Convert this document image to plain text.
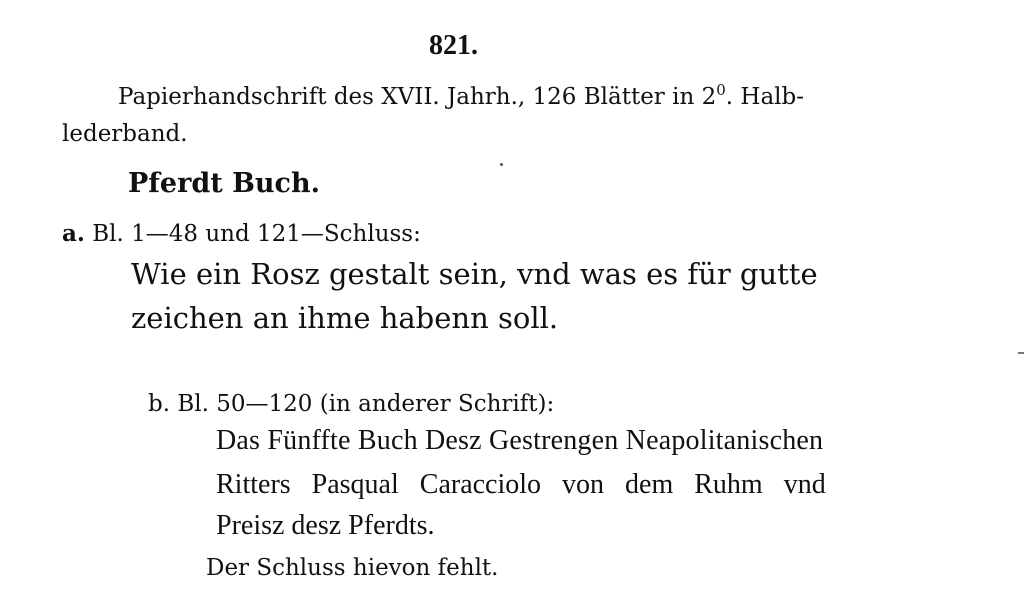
821.
Papierhandschrift des XVII. Jahrh., 126 Blätter in $2^0$. Halb-
lederband.
Pferdt Buch.
a. Bl. 1—48 und 121—Schluss:
Wie ein Rosz gestalt sein, vnd was es für gutte
zeichen an ihme habenn soll.
b. Bl. 50—120 (in anderer Schrift):
Das Fünffte Buch Desz Gestrengen Neapolitanischen
Ritters Pasqual Caracciolo von dem Ruhm vnd
Preisz desz Pferdts.
Der Schluss hievon fehlt.
